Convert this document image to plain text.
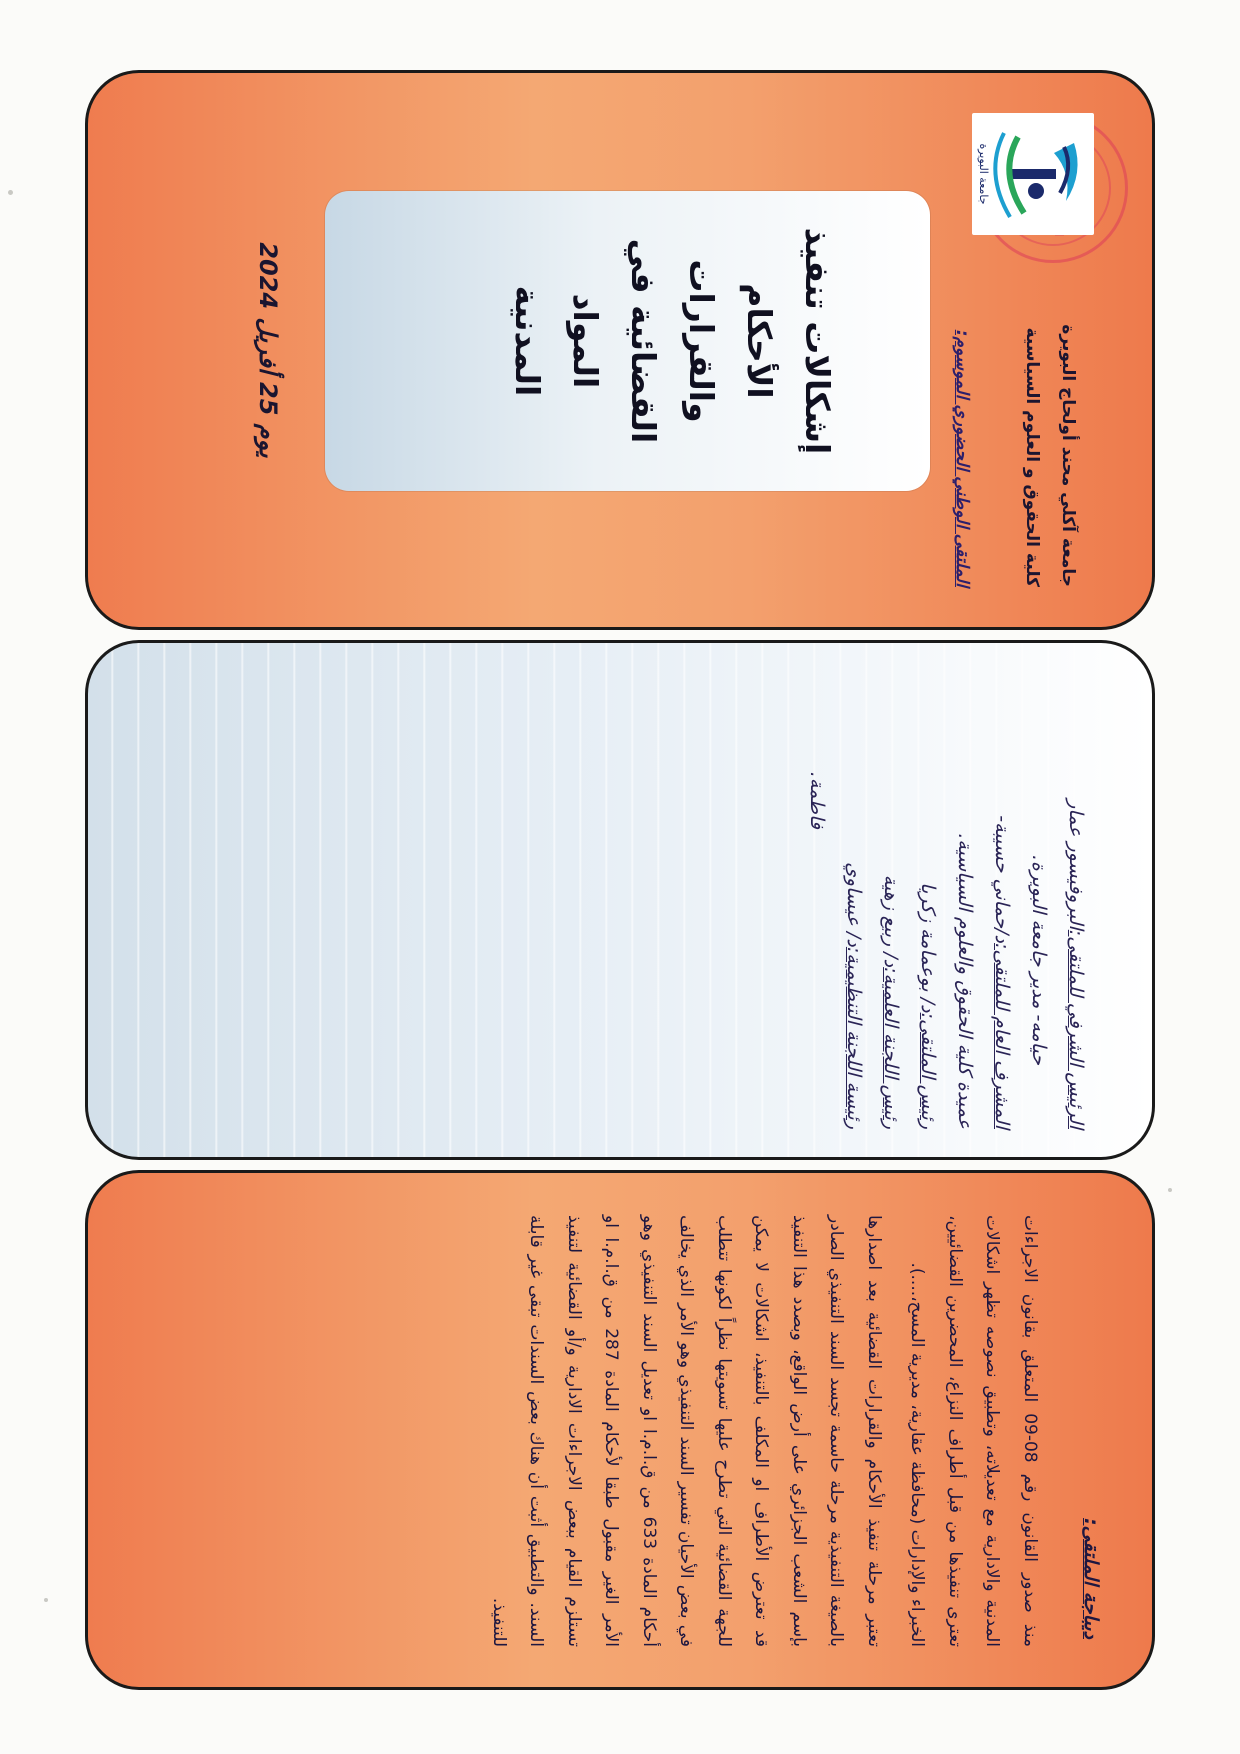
جامعة البويرة
جامعة آكلي محند أولحاج البويرة
كلية الحقوق و العلوم السياسية
الملتقى الوطني الحضوري الموسوم:
إشكالات تنفيذ الأحكام
والقرارات القضائية في المواد
المدنية
يوم 25 أفريل 2024
الرئيس الشرفي للملتقى:البروفيسور عمار
حيامه- مدير جامعة البويرة.
المشرف العام للملتقى:د/حماني حسيبة-
عميدة كلية الحقوق والعلوم السياسية.
رئيس الملتقى:د/ بوعمامة زكريا
رئيس اللجنة العلمية:د/ ربيع زهية
رئيسة اللجنة التنظيمية:د/ عيساوي
فاطمة.
ديباجة الملتقى:

منذ صدور القانون رقم 08-09 المتعلق بقانون الاجراءات المدنية والادارية مع تعديلاته، وتطبيق نصوصه تظهر اشكالات تعترى تنفيذها من قبل أطراف النزاع، المحضرين القضائيين، الخبراء والإدارات (محافظة عقارية، مديرية المسح،....).

تعتبر مرحلة تنفيذ الأحكام والقرارات القضائية بعد اصدارها بالصيغة التنفيذية مرحلة حاسمة تجسد السند التنفيذي الصادر بإسم الشعب الجزائري على أرض الواقع، وبصدد هذا التنفيذ قد تعترض الأطراف او المكلف بالتنفيذ، اشكالات لا يمكن للجهة القضائية التي تطرح عليها تسويتها نظراً لكونها تتطلب في بعض الأحيان تفسير السند التنفيذي وهو الأمر الذي يخالف أحكام المادة 633 من ق.ا.م.ا او تعديل السند التنفيذي وهو الأمر الغير مقبول طبقا لأحكام المادة 287 من ق.ا.م.ا او تستلزم القيام ببعض الاجراءات الادارية و/أو القضائية لتنفيذ السند. والتطبيق أثبت أن هناك بعض السندات تبقى غير قابلة للتنفيذ.
